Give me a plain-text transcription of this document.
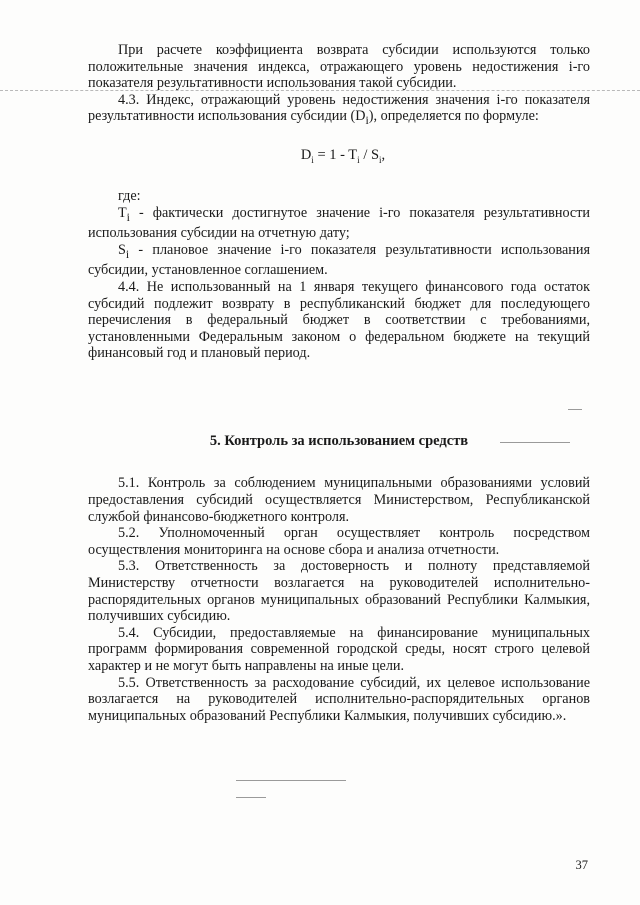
При расчете коэффициента возврата субсидии используются только положительные значения индекса, отражающего уровень недостижения i-го показателя результативности использования такой субсидии.

4.3. Индекс, отражающий уровень недостижения значения i-го показателя результативности использования субсидии $(D_i)$, определяется по формуле:

$D_i = 1 - T_i / S_i$,

где:

$T_i$ - фактически достигнутое значение i-го показателя результативности использования субсидии на отчетную дату;

$S_i$ - плановое значение i-го показателя результативности использования субсидии, установленное соглашением.

4.4. Не использованный на 1 января текущего финансового года остаток субсидий подлежит возврату в республиканский бюджет для последующего перечисления в федеральный бюджет в соответствии с требованиями, установленными Федеральным законом о федеральном бюджете на текущий финансовый год и плановый период.

5. Контроль за использованием средств

5.1. Контроль за соблюдением муниципальными образованиями условий предоставления субсидий осуществляется Министерством, Республиканской службой финансово-бюджетного контроля.

5.2. Уполномоченный орган осуществляет контроль посредством осуществления мониторинга на основе сбора и анализа отчетности.

5.3. Ответственность за достоверность и полноту представляемой Министерству отчетности возлагается на руководителей исполнительно-распорядительных органов муниципальных образований Республики Калмыкия, получивших субсидию.

5.4. Субсидии, предоставляемые на финансирование муниципальных программ формирования современной городской среды, носят строго целевой характер и не могут быть направлены на иные цели.

5.5. Ответственность за расходование субсидий, их целевое использование возлагается на руководителей исполнительно-распорядительных органов муниципальных образований Республики Калмыкия, получивших субсидию.».

37
